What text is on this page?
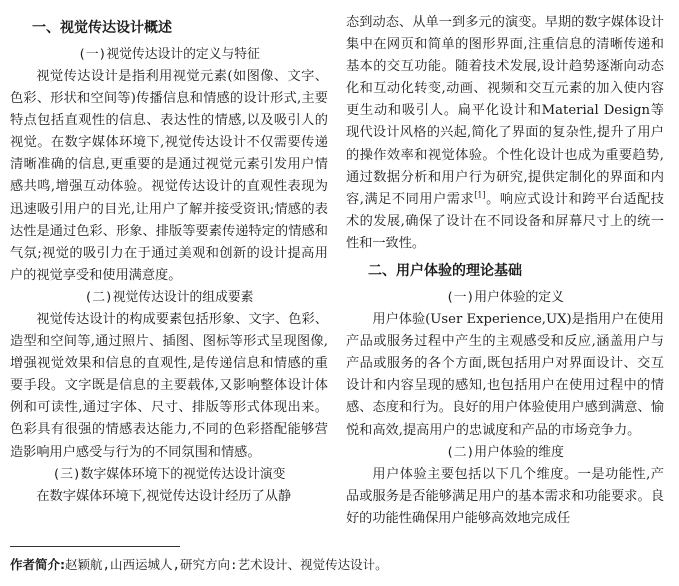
一、视觉传达设计概述
(一)视觉传达设计的定义与特征

视觉传达设计是指利用视觉元素(如图像、文字、色彩、形状和空间等)传播信息和情感的设计形式,主要特点包括直观性的信息、表达性的情感,以及吸引人的视觉。在数字媒体环境下,视觉传达设计不仅需要传递清晰准确的信息,更重要的是通过视觉元素引发用户情感共鸣,增强互动体验。视觉传达设计的直观性表现为迅速吸引用户的目光,让用户了解并接受资讯;情感的表达性是通过色彩、形象、排版等要素传递特定的情感和气氛;视觉的吸引力在于通过美观和创新的设计提高用户的视觉享受和使用满意度。

(二)视觉传达设计的组成要素

视觉传达设计的构成要素包括形象、文字、色彩、造型和空间等,通过照片、插图、图标等形式呈现图像,增强视觉效果和信息的直观性,是传递信息和情感的重要手段。文字既是信息的主要载体,又影响整体设计体例和可读性,通过字体、尺寸、排版等形式体现出来。色彩具有很强的情感表达能力,不同的色彩搭配能够营造影响用户感受与行为的不同氛围和情感。

(三)数字媒体环境下的视觉传达设计演变

在数字媒体环境下,视觉传达设计经历了从静

态到动态、从单一到多元的演变。早期的数字媒体设计集中在网页和简单的图形界面,注重信息的清晰传递和基本的交互功能。随着技术发展,设计趋势逐渐向动态化和互动化转变,动画、视频和交互元素的加入使内容更生动和吸引人。扁平化设计和Material Design等现代设计风格的兴起,简化了界面的复杂性,提升了用户的操作效率和视觉体验。个性化设计也成为重要趋势,通过数据分析和用户行为研究,提供定制化的界面和内容,满足不同用户需求[1]。响应式设计和跨平台适配技术的发展,确保了设计在不同设备和屏幕尺寸上的统一性和一致性。

二、用户体验的理论基础
(一)用户体验的定义

用户体验(User Experience,UX)是指用户在使用产品或服务过程中产生的主观感受和反应,涵盖用户与产品或服务的各个方面,既包括用户对界面设计、交互设计和内容呈现的感知,也包括用户在使用过程中的情感、态度和行为。良好的用户体验使用户感到满意、愉悦和高效,提高用户的忠诚度和产品的市场竞争力。

(二)用户体验的维度

用户体验主要包括以下几个维度。一是功能性,产品或服务是否能够满足用户的基本需求和功能要求。良好的功能性确保用户能够高效地完成任

作者简介:赵颖航,山西运城人,研究方向:艺术设计、视觉传达设计。
